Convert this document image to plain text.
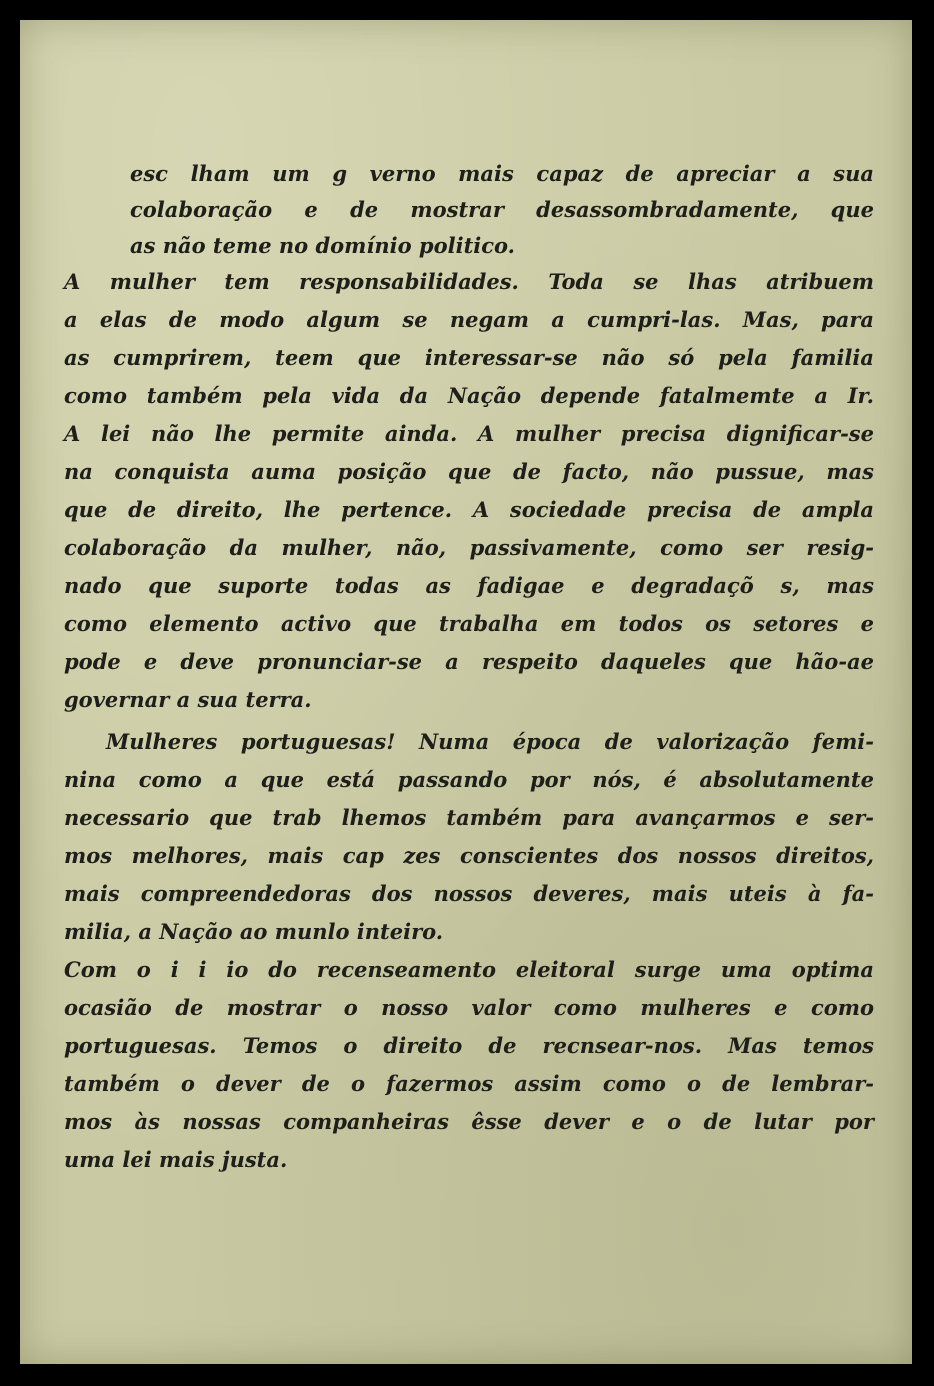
esc lham um g verno mais capaz de apreciar a sua
colaboração e de mostrar desassombradamente, que
as não teme no domínio politico.
A mulher tem responsabilidades. Toda se lhas atribuem
a elas de modo algum se negam a cumpri-las. Mas, para
as cumprirem, teem que interessar-se não só pela familia
como também pela vida da Nação depende fatalmemte a Ir.
A lei não lhe permite ainda. A mulher precisa dignificar-se
na conquista auma posição que de facto, não pussue, mas
que de direito, lhe pertence. A sociedade precisa de ampla
colaboração da mulher, não, passivamente, como ser resig-
nado que suporte todas as fadigae e degradaçõ s, mas
como elemento activo que trabalha em todos os setores e
pode e deve pronunciar-se a respeito daqueles que hão-ae
governar a sua terra.
Mulheres portuguesas! Numa época de valorização femi-
nina como a que está passando por nós, é absolutamente
necessario que trab lhemos também para avançarmos e ser-
mos melhores, mais cap zes conscientes dos nossos direitos,
mais compreendedoras dos nossos deveres, mais uteis à fa-
milia, a Nação ao munlo inteiro.
Com o i i io do recenseamento eleitoral surge uma optima
ocasião de mostrar o nosso valor como mulheres e como
portuguesas. Temos o direito de recnsear-nos. Mas temos
também o dever de o fazermos assim como o de lembrar-
mos às nossas companheiras êsse dever e o de lutar por
uma lei mais justa.
